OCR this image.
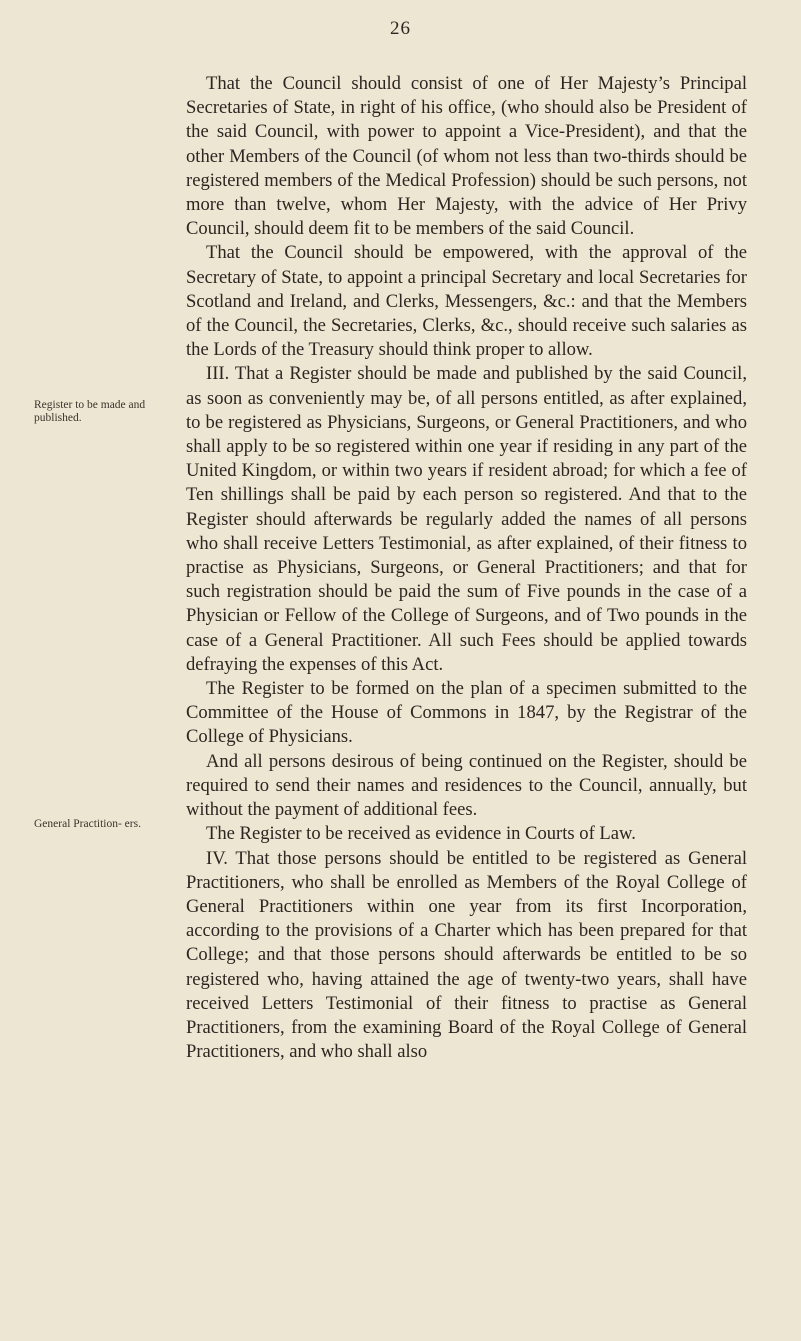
26
Register to be made and published.
General Practition- ers.

That the Council should consist of one of Her Majesty’s Principal Secretaries of State, in right of his office, (who should also be President of the said Council, with power to appoint a Vice-President), and that the other Members of the Council (of whom not less than two-thirds should be registered members of the Medical Profession) should be such persons, not more than twelve, whom Her Majesty, with the advice of Her Privy Council, should deem fit to be members of the said Council.

That the Council should be empowered, with the approval of the Secretary of State, to appoint a principal Secretary and local Secretaries for Scotland and Ireland, and Clerks, Messengers, &c.: and that the Members of the Council, the Secretaries, Clerks, &c., should receive such salaries as the Lords of the Treasury should think proper to allow.

III. That a Register should be made and published by the said Council, as soon as conveniently may be, of all persons entitled, as after explained, to be registered as Physicians, Surgeons, or General Practitioners, and who shall apply to be so registered within one year if residing in any part of the United Kingdom, or within two years if resident abroad; for which a fee of Ten shillings shall be paid by each person so registered. And that to the Register should afterwards be regularly added the names of all persons who shall receive Letters Testimonial, as after explained, of their fitness to practise as Physicians, Surgeons, or General Practitioners; and that for such registration should be paid the sum of Five pounds in the case of a Physician or Fellow of the College of Surgeons, and of Two pounds in the case of a General Practitioner. All such Fees should be applied towards defraying the expenses of this Act.

The Register to be formed on the plan of a specimen submitted to the Committee of the House of Commons in 1847, by the Registrar of the College of Physicians.

And all persons desirous of being continued on the Register, should be required to send their names and residences to the Council, annually, but without the payment of additional fees.

The Register to be received as evidence in Courts of Law.

IV. That those persons should be entitled to be registered as General Practitioners, who shall be enrolled as Members of the Royal College of General Practitioners within one year from its first Incorporation, according to the provisions of a Charter which has been prepared for that College; and that those persons should afterwards be entitled to be so registered who, having attained the age of twenty-two years, shall have received Letters Testimonial of their fitness to practise as General Practitioners, from the examining Board of the Royal College of General Practitioners, and who shall also
